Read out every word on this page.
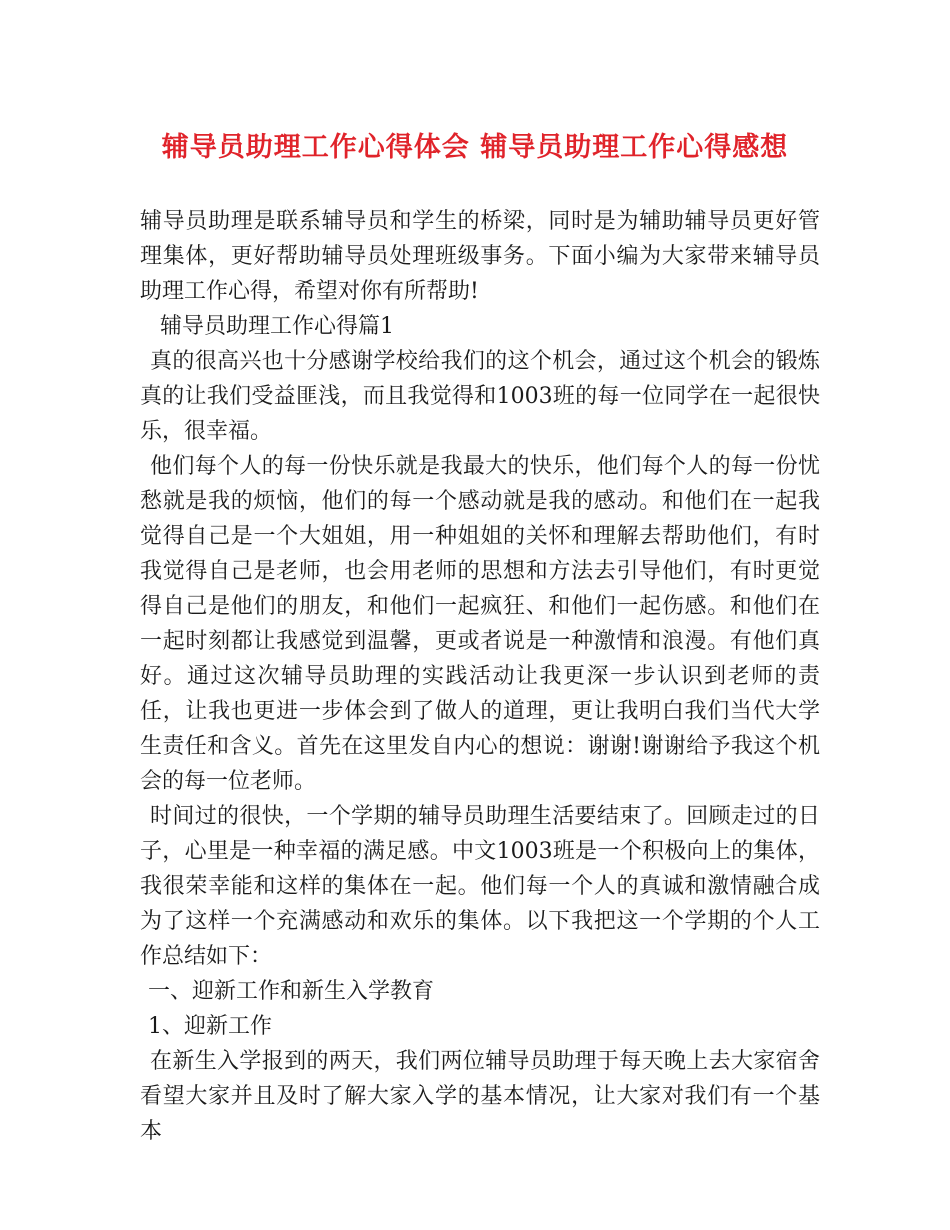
辅导员助理工作心得体会 辅导员助理工作心得感想

辅导员助理是联系辅导员和学生的桥梁，同时是为辅助辅导员更好管理集体，更好帮助辅导员处理班级事务。下面小编为大家带来辅导员助理工作心得，希望对你有所帮助!

辅导员助理工作心得篇1

真的很高兴也十分感谢学校给我们的这个机会，通过这个机会的锻炼真的让我们受益匪浅，而且我觉得和1003班的每一位同学在一起很快乐，很幸福。

他们每个人的每一份快乐就是我最大的快乐，他们每个人的每一份忧愁就是我的烦恼，他们的每一个感动就是我的感动。和他们在一起我觉得自己是一个大姐姐，用一种姐姐的关怀和理解去帮助他们，有时我觉得自己是老师，也会用老师的思想和方法去引导他们，有时更觉得自己是他们的朋友，和他们一起疯狂、和他们一起伤感。和他们在一起时刻都让我感觉到温馨，更或者说是一种激情和浪漫。有他们真好。通过这次辅导员助理的实践活动让我更深一步认识到老师的责任，让我也更进一步体会到了做人的道理，更让我明白我们当代大学生责任和含义。首先在这里发自内心的想说：谢谢!谢谢给予我这个机会的每一位老师。

时间过的很快，一个学期的辅导员助理生活要结束了。回顾走过的日子，心里是一种幸福的满足感。中文1003班是一个积极向上的集体，我很荣幸能和这样的集体在一起。他们每一个人的真诚和激情融合成为了这样一个充满感动和欢乐的集体。以下我把这一个学期的个人工作总结如下：

一、迎新工作和新生入学教育

1、迎新工作

在新生入学报到的两天，我们两位辅导员助理于每天晚上去大家宿舍看望大家并且及时了解大家入学的基本情况，让大家对我们有一个基本
